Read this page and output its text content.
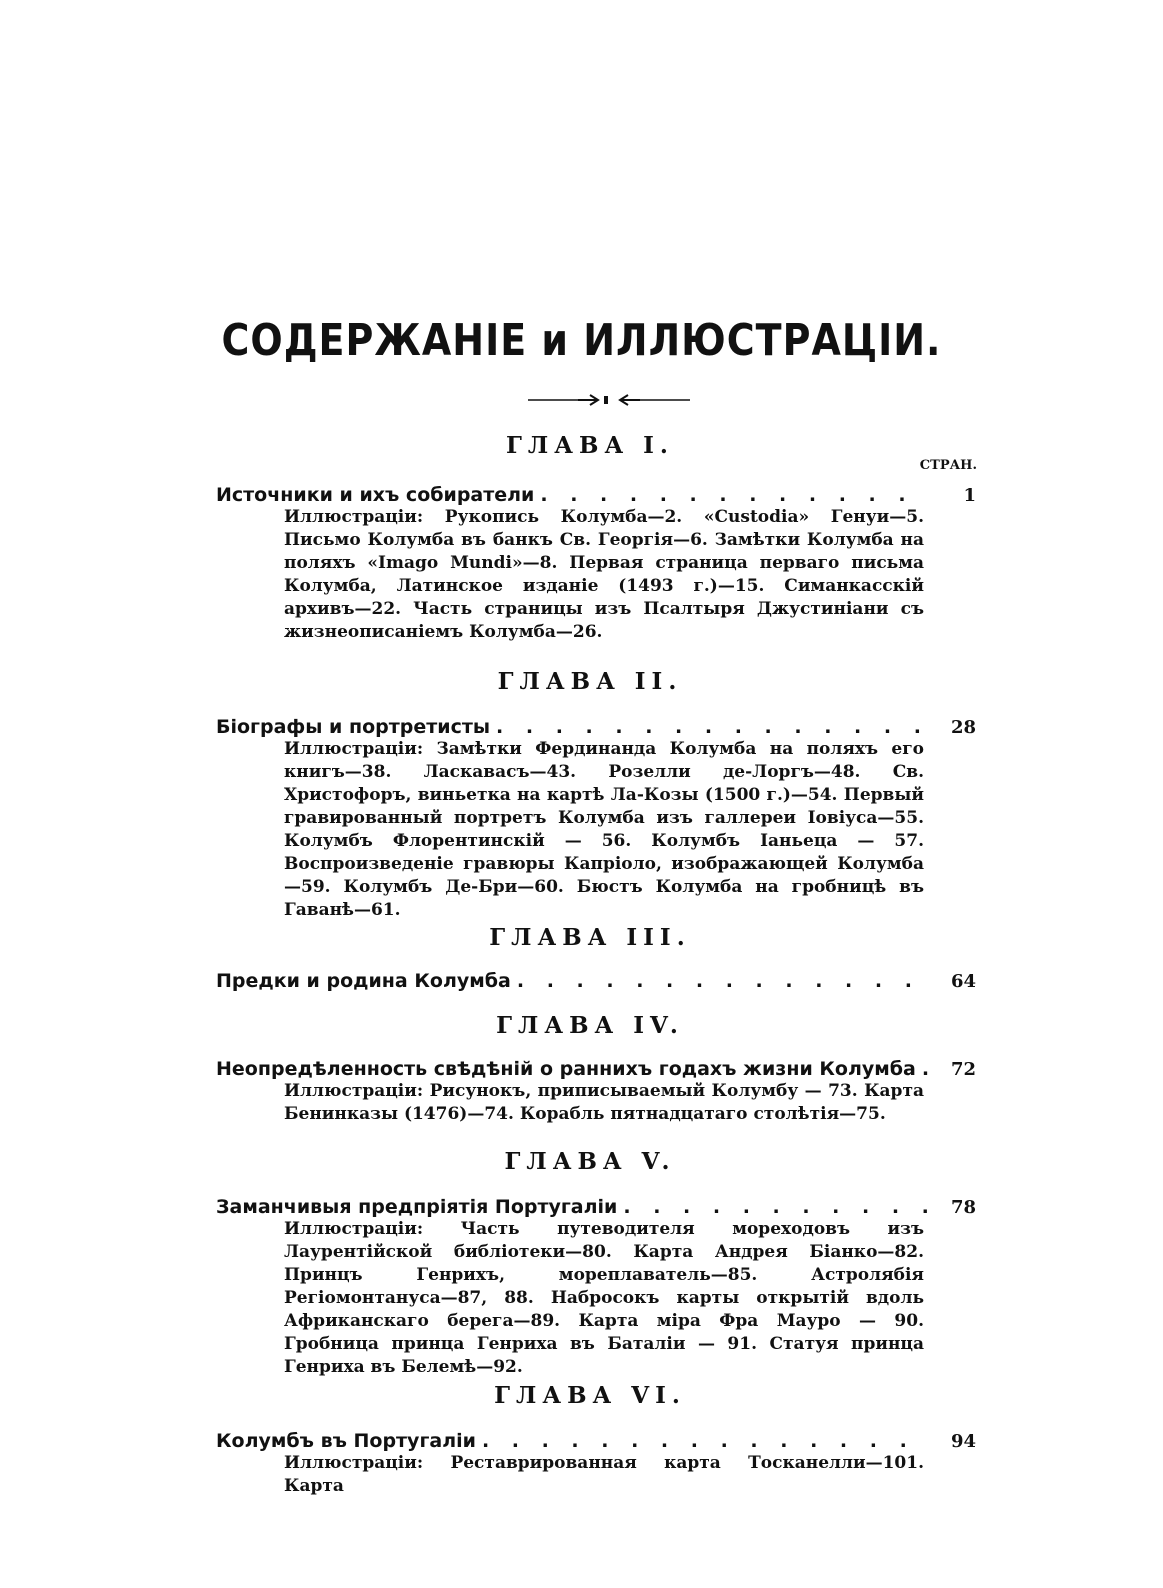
СОДЕРЖАНІЕ и ИЛЛЮСТРАЦІИ.
ГЛАВА I.
СТРАН.
Источники и ихъ собиратели . . .	1
Иллюстраціи: Рукопись Колумба—2. «Custodia» Генуи—5. Письмо Колумба въ банкъ Св. Георгія—6. Замѣтки Колумба на поляхъ «Imago Mundi»—8. Первая страница перваго письма Колумба, Латинское изданіе (1493 г.)—15. Симанкасскій архивъ—22. Часть страницы изъ Псалтыря Джустиніани съ жизнеописаніемъ Колумба—26.
ГЛАВА II.
Біографы и портретисты . . .	28
Иллюстраціи: Замѣтки Фердинанда Колумба на поляхъ его книгъ—38. Ласкавасъ—43. Розелли де-Лоргъ—48. Св. Христофоръ, виньетка на картѣ Ла-Козы (1500 г.)—54. Первый гравированный портретъ Колумба изъ галлереи Іовіуса—55. Колумбъ Флорентинскій — 56. Колумбъ Іаньеца — 57. Воспроизведеніе гравюры Капріоло, изображающей Колумба—59. Колумбъ Де-Бри—60. Бюстъ Колумба на гробницѣ въ Гаванѣ—61.
ГЛАВА III.
Предки и родина Колумба . . .	64
ГЛАВА IV.
Неопредѣленность свѣдѣній о раннихъ годахъ жизни Колумба . . .	72
Иллюстраціи: Рисунокъ, приписываемый Колумбу — 73. Карта Бенинказы (1476)—74. Корабль пятнадцатаго столѣтія—75.
ГЛАВА V.
Заманчивыя предпріятія Португаліи . . .	78
Иллюстраціи: Часть путеводителя мореходовъ изъ Лаурентійской библіотеки—80. Карта Андрея Біанко—82. Принцъ Генрихъ, мореплаватель—85. Астролябія Регіомонтануса—87, 88. Набросокъ карты открытій вдоль Африканскаго берега—89. Карта міра Фра Мауро — 90. Гробница принца Генриха въ Баталіи — 91. Статуя принца Генриха въ Белемѣ—92.
ГЛАВА VI.
Колумбъ въ Португаліи . . .	94
Иллюстраціи: Реставрированная карта Тосканелли—101. Карта
